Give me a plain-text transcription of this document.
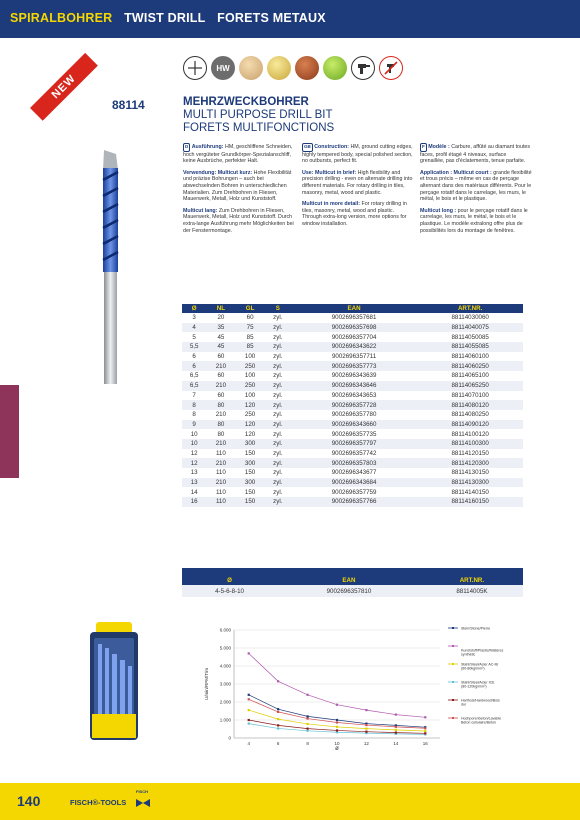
SPIRALBOHRER TWIST DRILL FORETS METAUX
HW
NEW
88114	MEHRZWECKBOHRER
MULTI PURPOSE DRILL BIT
FORETS MULTIFONCTIONS

D Ausführung: HM, geschliffene Schneiden, hoch vergüteter Grundkörper-Spezialanschliff, keine Ausbrüche, perfekter Halt.

Verwendung: Multicut kurz: Hohe Flexibilität und präzise Bohrungen – auch bei abwechselnden Bohren in unterschiedlichen Materialien. Zum Drehbohren in Fliesen, Mauerwerk, Metall, Holz und Kunststoff.

Multicut lang: Zum Drehbohren in Fliesen, Mauerwerk, Metall, Holz und Kunststoff. Durch extra-lange Ausführung mehr Möglichkeiten bei der Fenstermontage.

GB Construction: HM, ground cutting edges, highly tempered body, special polished section, no outbursts, perfect fit.

Use: Multicut in brief: High flexibility and precision drilling - even on alternate drilling into different materials. For rotary drilling in tiles, masonry, metal, wood and plastic.

Multicut in more detail: For rotary drilling in tiles, masonry, metal, wood and plastic. Through extra-long version, more options for window installation.

F Modèle : Carbure, affûté au diamant toutes faces, profil étagé 4 niveaux, surface grenaillée, pas d'éclatements, tenue parfaite.

Application : Multicut court : grande flexibilité et trous précis – même en cas de perçage alternant dans des matériaux différents. Pour le perçage rotatif dans le carrelage, les murs, le métal, le bois et le plastique.

Multicut long : pour le perçage rotatif dans le carrelage, les murs, le métal, le bois et le plastique. Le modèle extralong offre plus de possibilités lors du montage de fenêtres.

Ø	NL	GL	S	EAN	ART.NR.
3	20	60	zyl.	9002696357681	88114030060
4	35	75	zyl.	9002696357698	88114040075
5	45	85	zyl.	9002696357704	88114050085
5,5	45	85	zyl.	9002696343622	88114055085
6	60	100	zyl.	9002696357711	88114060100
6	210	250	zyl.	9002696357773	88114060250
6,5	60	100	zyl.	9002696343639	88114065100
6,5	210	250	zyl.	9002696343646	88114065250
7	60	100	zyl.	9002696343653	88114070100
8	80	120	zyl.	9002696357728	88114080120
8	210	250	zyl.	9002696357780	88114080250
9	80	120	zyl.	9002696343660	88114090120
10	80	120	zyl.	9002696357735	88114100120
10	210	300	zyl.	9002696357797	88114100300
12	110	150	zyl.	9002696357742	88114120150
12	210	300	zyl.	9002696357803	88114120300
13	110	150	zyl.	9002696343677	88114130150
13	210	300	zyl.	9002696343684	88114130300
14	110	150	zyl.	9002696357759	88114140150
16	110	150	zyl.	9002696357766	88114160150

Ø	EAN	ART.NR.
4-5-6-8-10	9002696357810	88114005K
6.000
5.000
4.000
3.000
2.000
1.000
0
4	6	8	10	12	14	16
Stein/Stone/Pierre
Kunststoff/Plastic/Matières synthétic
Stahl/Steel/Acier AC-IB (60-80kg/mm²)
Stahl/Steel/Acier ICE (80-120kg/mm²)
Hartholz/Hardwood/Bois dur
Hochporenbeton/Lavable Béton cellulaire/Béton
U/min/RPM/T/m
ø
140	FISCH®-TOOLS
FISCH
